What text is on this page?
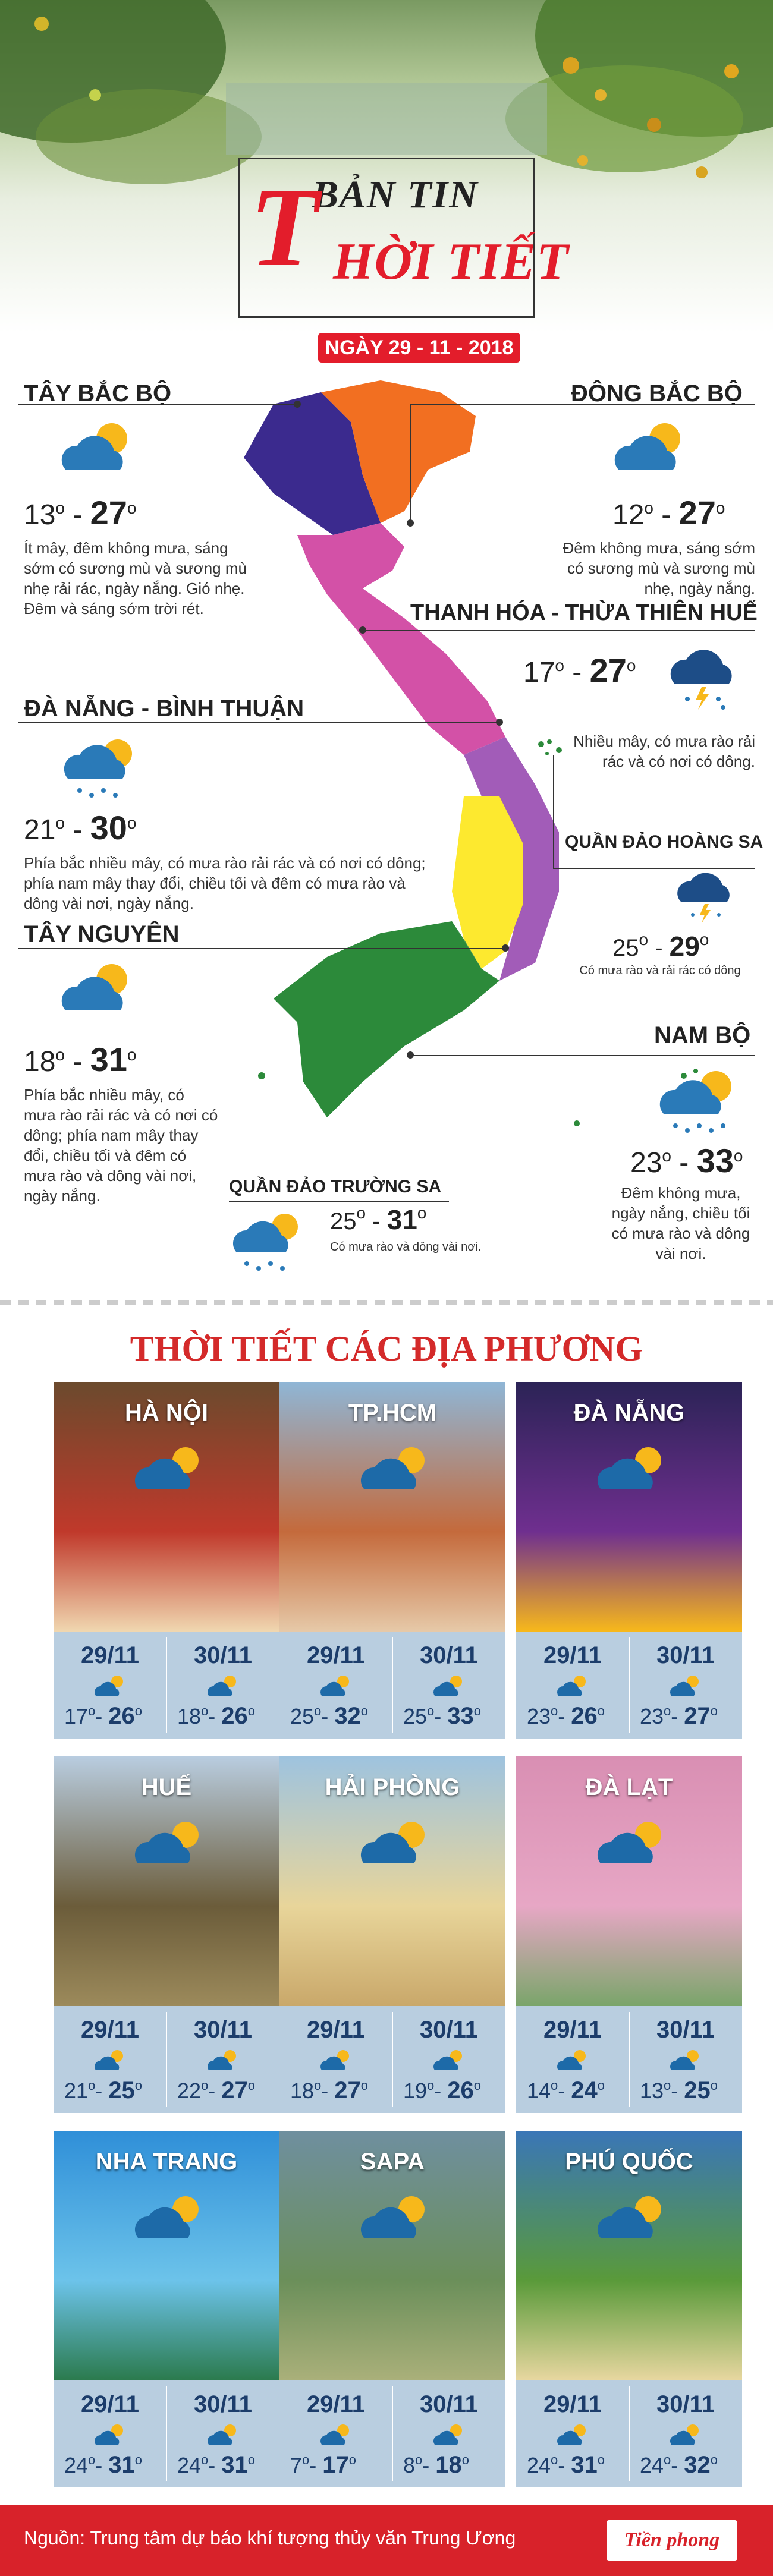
BẢN TIN
T HỜI TIẾT
NGÀY 29 - 11 - 2018
TÂY BẮC BỘ
13$^o$ - 27$^o$
Ít mây, đêm không mưa, sáng sớm có sương mù và sương mù nhẹ rải rác, ngày nắng. Gió nhẹ. Đêm và sáng sớm trời rét.
ĐÔNG BẮC BỘ
12$^o$ - 27$^o$
Đêm không mưa, sáng sớm có sương mù và sương mù nhẹ, ngày nắng.
THANH HÓA - THỪA THIÊN HUẾ
17$^o$ - 27$^o$
Nhiều mây, có mưa rào rải rác và có nơi có dông.
ĐÀ NẴNG - BÌNH THUẬN
21$^o$ - 30$^o$
Phía bắc nhiều mây, có mưa rào rải rác và có nơi có dông; phía nam mây thay đổi, chiều tối và đêm có mưa rào và dông vài nơi, ngày nắng.
QUẦN ĐẢO HOÀNG SA
25$^o$ - 29$^o$
Có mưa rào và rải rác có dông
TÂY NGUYÊN
18$^o$ - 31$^o$
Phía bắc nhiều mây, có mưa rào rải rác và có nơi có dông; phía nam mây thay đổi, chiều tối và đêm có mưa rào và dông vài nơi, ngày nắng.
NAM BỘ
23$^o$ - 33$^o$
Đêm không mưa, ngày nắng, chiều tối có mưa rào và dông vài nơi.
QUẦN ĐẢO TRƯỜNG SA
25$^o$ - 31$^o$
Có mưa rào và dông vài nơi.
THỜI TIẾT CÁC ĐỊA PHƯƠNG
HÀ NỘI
29/11	30/11
17$^o$- 26$^o$ 18$^o$- 26$^o$
TP.HCM
29/11	30/11
25$^o$- 32$^o$ 25$^o$- 33$^o$
ĐÀ NẴNG
29/11	30/11
23$^o$- 26$^o$ 23$^o$- 27$^o$
HUẾ
29/11	30/11
21$^o$- 25$^o$ 22$^o$- 27$^o$
HẢI PHÒNG
29/11	30/11
18$^o$- 27$^o$ 19$^o$- 26$^o$
ĐÀ LẠT
29/11	30/11
14$^o$- 24$^o$ 13$^o$- 25$^o$
NHA TRANG
29/11	30/11
24$^o$- 31$^o$ 24$^o$- 31$^o$
SAPA
29/11	30/11
7$^o$- 17$^o$ 8$^o$- 18$^o$
PHÚ QUỐC
29/11	30/11
24$^o$- 31$^o$ 24$^o$- 32$^o$
Nguồn: Trung tâm dự báo khí tượng thủy văn Trung Ương	Tiền phong
